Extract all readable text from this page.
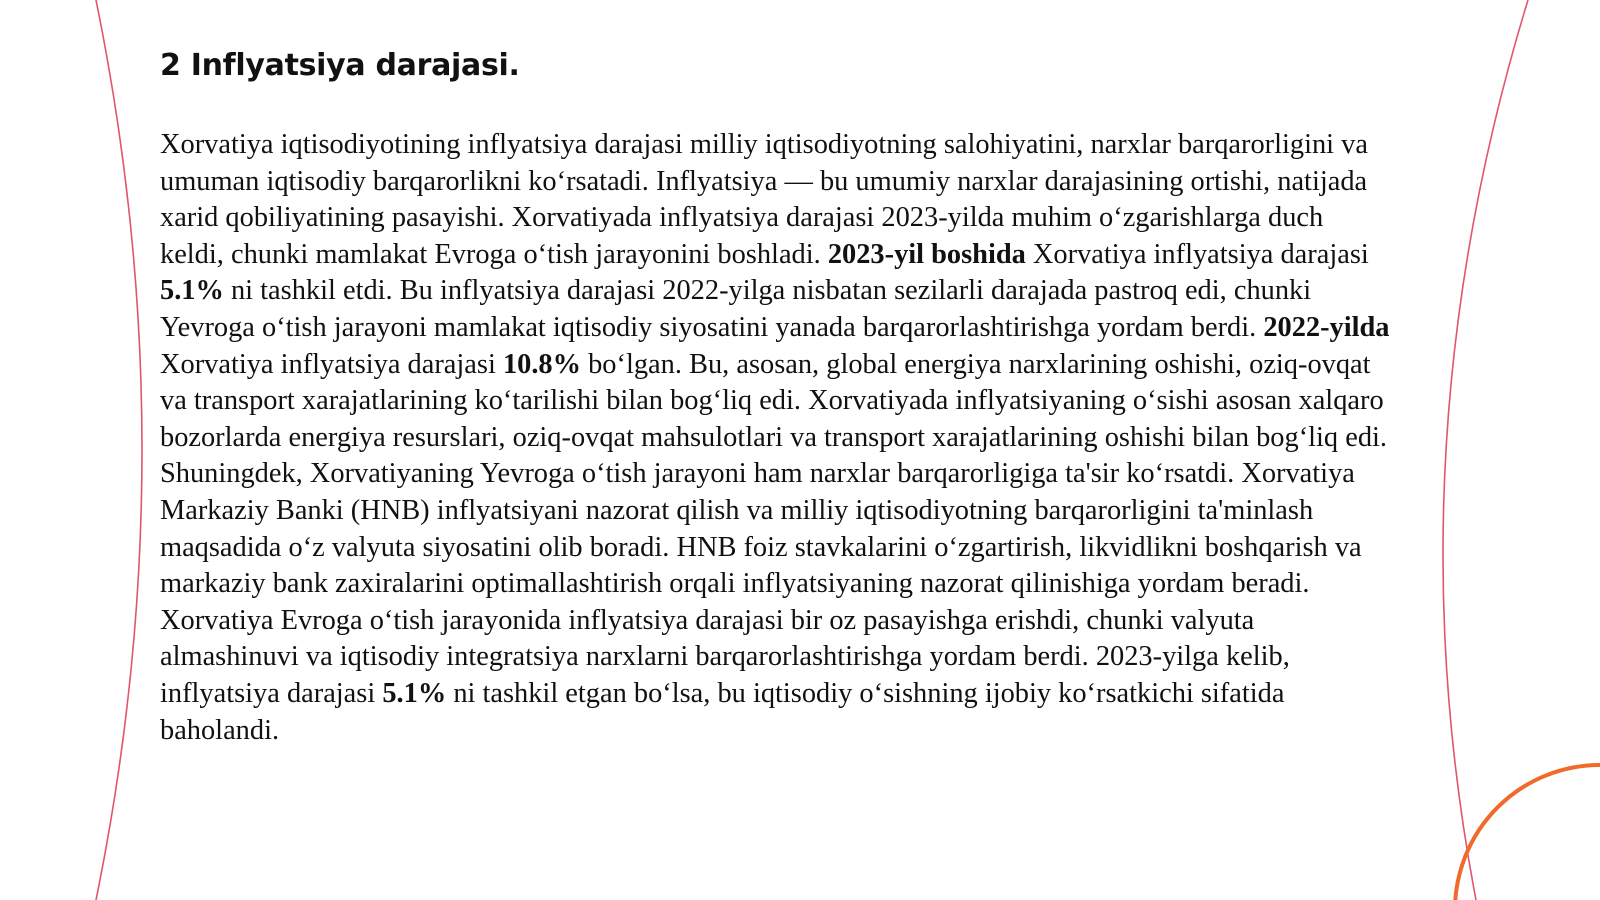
2 Inflyatsiya darajasi.

Xorvatiya iqtisodiyotining inflyatsiya darajasi milliy iqtisodiyotning salohiyatini, narxlar barqarorligini va umuman iqtisodiy barqarorlikni ko‘rsatadi. Inflyatsiya — bu umumiy narxlar darajasining ortishi, natijada xarid qobiliyatining pasayishi. Xorvatiyada inflyatsiya darajasi 2023-yilda muhim o‘zgarishlarga duch keldi, chunki mamlakat Evroga o‘tish jarayonini boshladi. 2023-yil boshida Xorvatiya inflyatsiya darajasi 5.1% ni tashkil etdi. Bu inflyatsiya darajasi 2022-yilga nisbatan sezilarli darajada pastroq edi, chunki Yevroga o‘tish jarayoni mamlakat iqtisodiy siyosatini yanada barqarorlashtirishga yordam berdi. 2022-yilda Xorvatiya inflyatsiya darajasi 10.8% bo‘lgan. Bu, asosan, global energiya narxlarining oshishi, oziq-ovqat va transport xarajatlarining ko‘tarilishi bilan bog‘liq edi. Xorvatiyada inflyatsiyaning o‘sishi asosan xalqaro bozorlarda energiya resurslari, oziq-ovqat mahsulotlari va transport xarajatlarining oshishi bilan bog‘liq edi. Shuningdek, Xorvatiyaning Yevroga o‘tish jarayoni ham narxlar barqarorligiga ta'sir ko‘rsatdi. Xorvatiya Markaziy Banki (HNB) inflyatsiyani nazorat qilish va milliy iqtisodiyotning barqarorligini ta'minlash maqsadida o‘z valyuta siyosatini olib boradi. HNB foiz stavkalarini o‘zgartirish, likvidlikni boshqarish va markaziy bank zaxiralarini optimallashtirish orqali inflyatsiyaning nazorat qilinishiga yordam beradi. Xorvatiya Evroga o‘tish jarayonida inflyatsiya darajasi bir oz pasayishga erishdi, chunki valyuta almashinuvi va iqtisodiy integratsiya narxlarni barqarorlashtirishga yordam berdi. 2023-yilga kelib, inflyatsiya darajasi 5.1% ni tashkil etgan bo‘lsa, bu iqtisodiy o‘sishning ijobiy ko‘rsatkichi sifatida baholandi.
